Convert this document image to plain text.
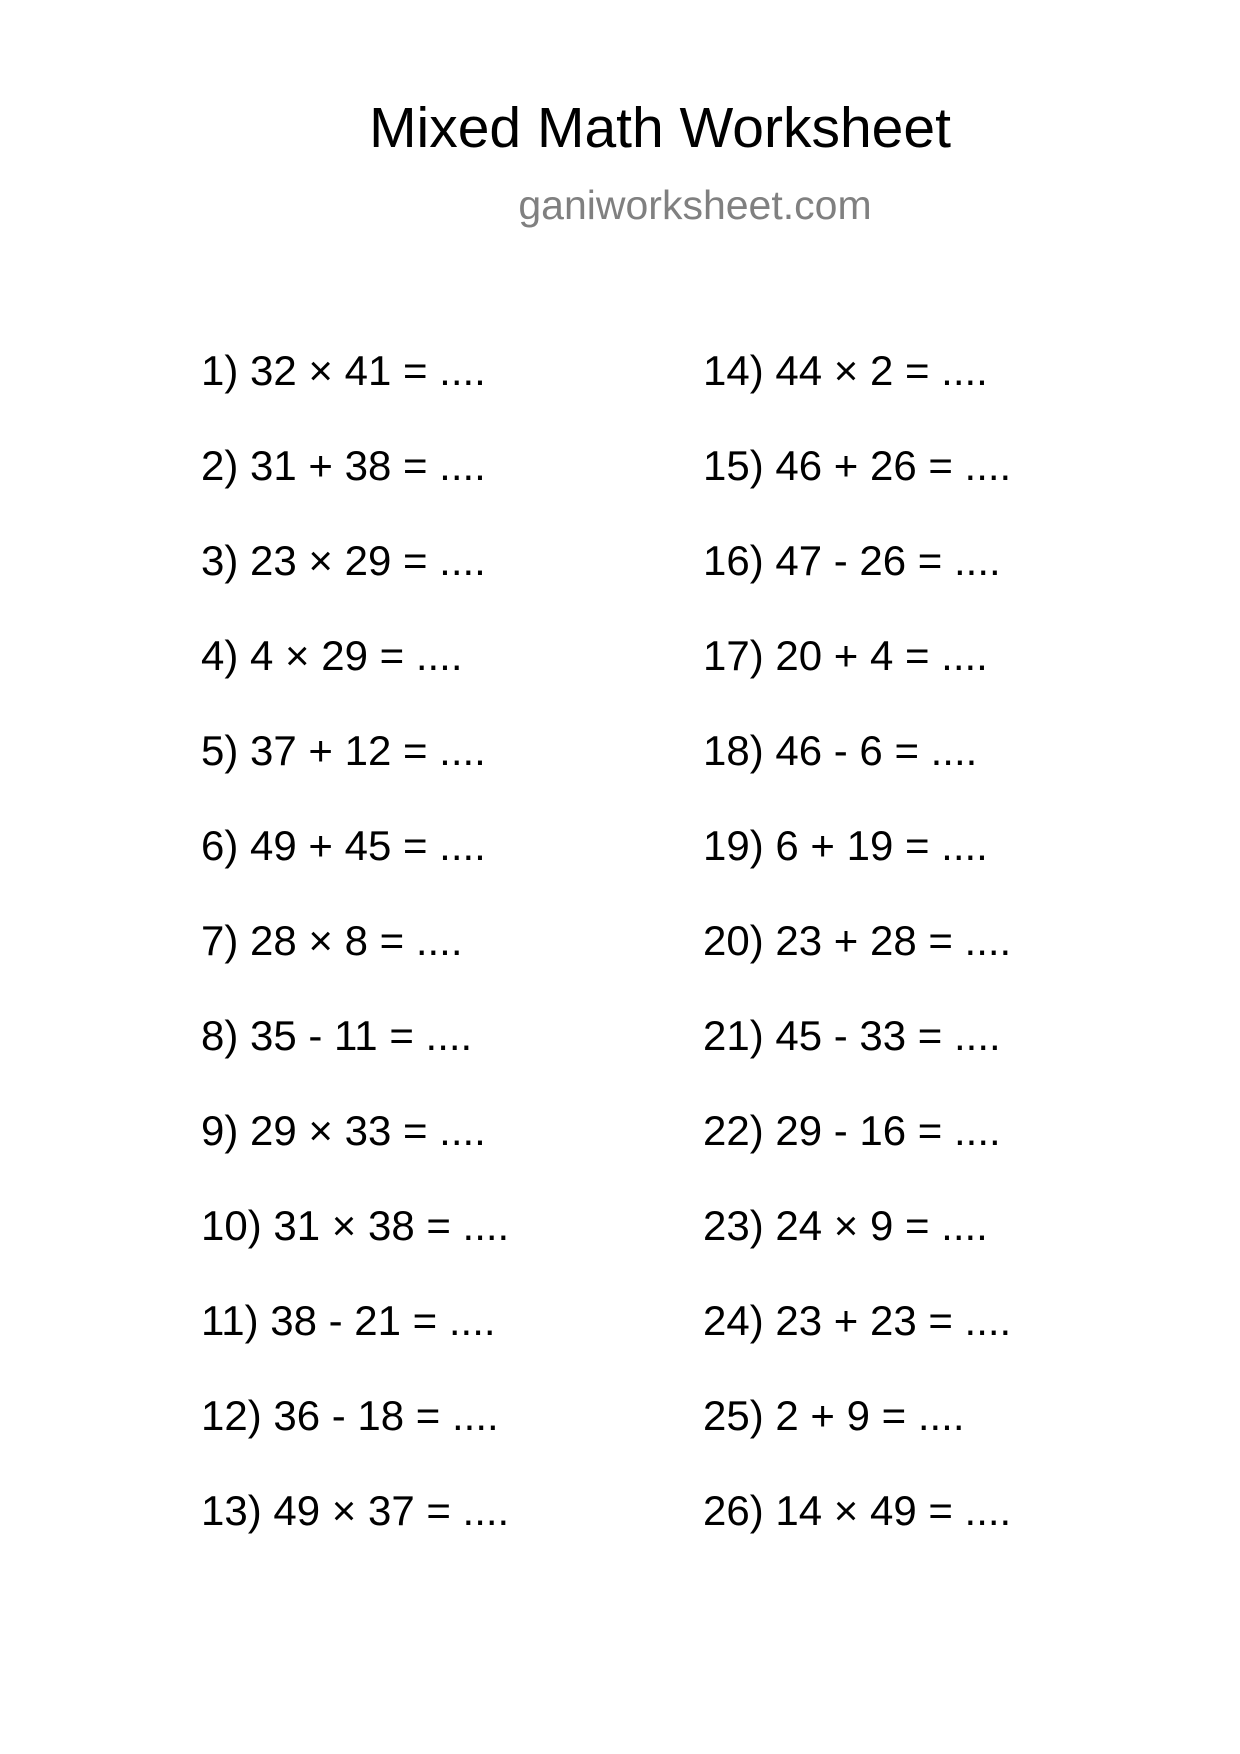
Mixed Math Worksheet
ganiworksheet.com
1) 32 × 41 = ....
2) 31 + 38 = ....
3) 23 × 29 = ....
4) 4 × 29 = ....
5) 37 + 12 = ....
6) 49 + 45 = ....
7) 28 × 8 = ....
8) 35 - 11 = ....
9) 29 × 33 = ....
10) 31 × 38 = ....
11) 38 - 21 = ....
12) 36 - 18 = ....
13) 49 × 37 = ....
14) 44 × 2 = ....
15) 46 + 26 = ....
16) 47 - 26 = ....
17) 20 + 4 = ....
18) 46 - 6 = ....
19) 6 + 19 = ....
20) 23 + 28 = ....
21) 45 - 33 = ....
22) 29 - 16 = ....
23) 24 × 9 = ....
24) 23 + 23 = ....
25) 2 + 9 = ....
26) 14 × 49 = ....
